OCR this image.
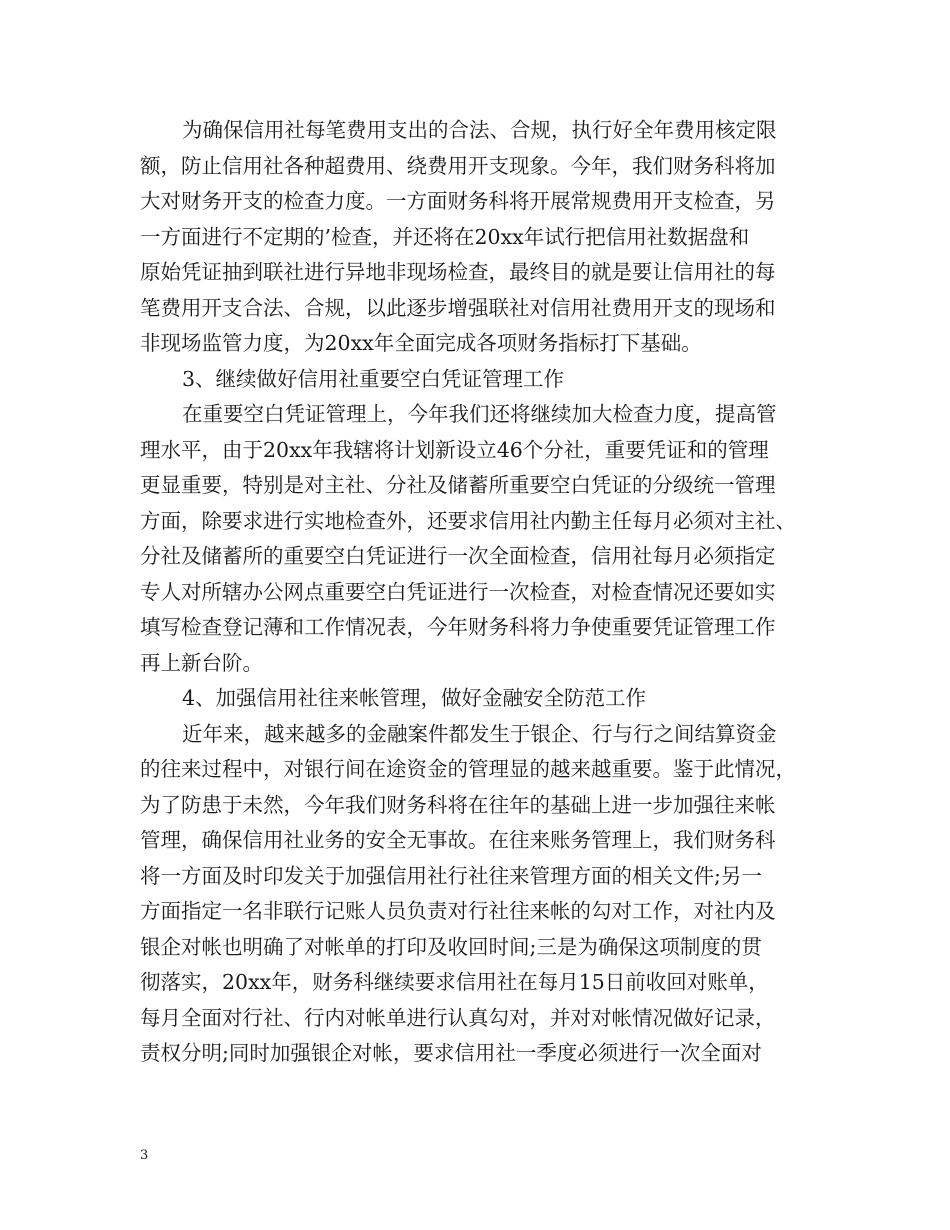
为确保信用社每笔费用支出的合法、合规，执行好全年费用核定限
额，防止信用社各种超费用、绕费用开支现象。今年，我们财务科将加
大对财务开支的检查力度。一方面财务科将开展常规费用开支检查，另
一方面进行不定期的’检查，并还将在20xx年试行把信用社数据盘和
原始凭证抽到联社进行异地非现场检查，最终目的就是要让信用社的每
笔费用开支合法、合规，以此逐步增强联社对信用社费用开支的现场和
非现场监管力度，为20xx年全面完成各项财务指标打下基础。
3、继续做好信用社重要空白凭证管理工作
在重要空白凭证管理上，今年我们还将继续加大检查力度，提高管
理水平，由于20xx年我辖将计划新设立46个分社，重要凭证和的管理
更显重要，特别是对主社、分社及储蓄所重要空白凭证的分级统一管理
方面，除要求进行实地检查外，还要求信用社内勤主任每月必须对主社、
分社及储蓄所的重要空白凭证进行一次全面检查，信用社每月必须指定
专人对所辖办公网点重要空白凭证进行一次检查，对检查情况还要如实
填写检查登记薄和工作情况表，今年财务科将力争使重要凭证管理工作
再上新台阶。
4、加强信用社往来帐管理，做好金融安全防范工作
近年来，越来越多的金融案件都发生于银企、行与行之间结算资金
的往来过程中，对银行间在途资金的管理显的越来越重要。鉴于此情况，
为了防患于未然，今年我们财务科将在往年的基础上进一步加强往来帐
管理，确保信用社业务的安全无事故。在往来账务管理上，我们财务科
将一方面及时印发关于加强信用社行社往来管理方面的相关文件;另一
方面指定一名非联行记账人员负责对行社往来帐的勾对工作，对社内及
银企对帐也明确了对帐单的打印及收回时间;三是为确保这项制度的贯
彻落实，20xx年，财务科继续要求信用社在每月15日前收回对账单，
每月全面对行社、行内对帐单进行认真勾对，并对对帐情况做好记录，
责权分明;同时加强银企对帐，要求信用社一季度必须进行一次全面对
3
